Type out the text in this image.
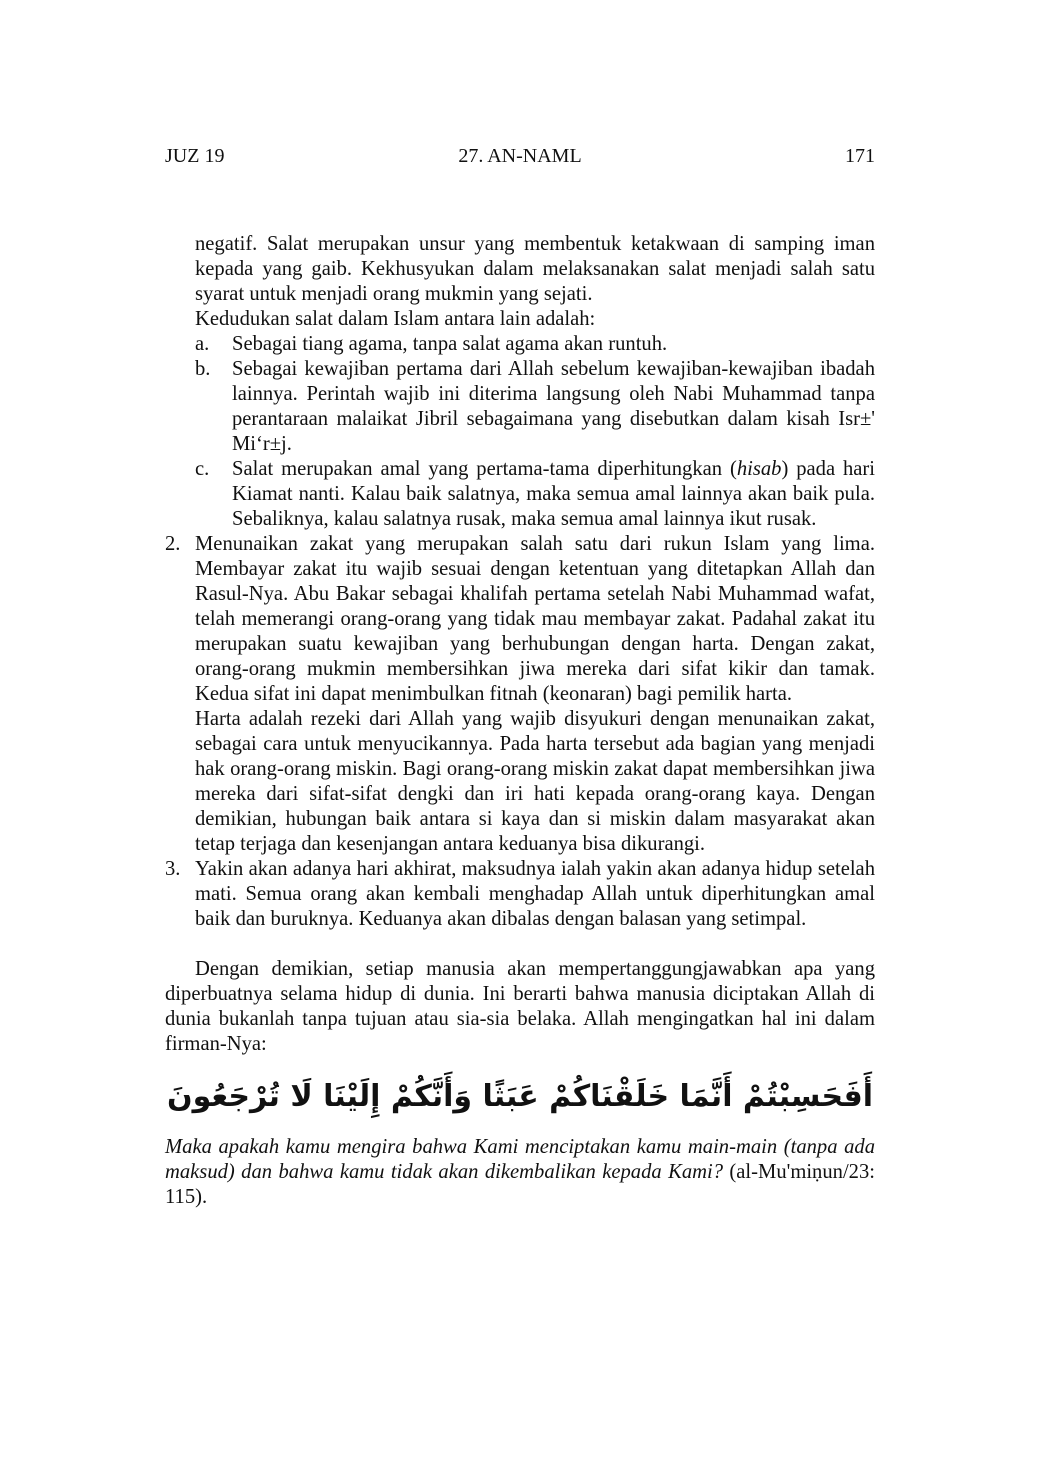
JUZ 19	27. AN-NAML	171
negatif. Salat merupakan unsur yang membentuk ketakwaan di samping iman kepada yang gaib. Kekhusyukan dalam melaksanakan salat menjadi salah satu syarat untuk menjadi orang mukmin yang sejati.
Kedudukan salat dalam Islam antara lain adalah:
a.	Sebagai tiang agama, tanpa salat agama akan runtuh.
b.	Sebagai kewajiban pertama dari Allah sebelum kewajiban-kewajiban ibadah lainnya. Perintah wajib ini diterima langsung oleh Nabi Muhammad tanpa perantaraan malaikat Jibril sebagaimana yang disebutkan dalam kisah Isr±' Mi‘r±j.
c.	Salat merupakan amal yang pertama-tama diperhitungkan (hisab) pada hari Kiamat nanti. Kalau baik salatnya, maka semua amal lainnya akan baik pula. Sebaliknya, kalau salatnya rusak, maka semua amal lainnya ikut rusak.
2. Menunaikan zakat yang merupakan salah satu dari rukun Islam yang lima. Membayar zakat itu wajib sesuai dengan ketentuan yang ditetapkan Allah dan Rasul-Nya. Abu Bakar sebagai khalifah pertama setelah Nabi Muhammad wafat, telah memerangi orang-orang yang tidak mau membayar zakat. Padahal zakat itu merupakan suatu kewajiban yang berhubungan dengan harta. Dengan zakat, orang-orang mukmin membersihkan jiwa mereka dari sifat kikir dan tamak. Kedua sifat ini dapat menimbulkan fitnah (keonaran) bagi pemilik harta.
Harta adalah rezeki dari Allah yang wajib disyukuri dengan menunaikan zakat, sebagai cara untuk menyucikannya. Pada harta tersebut ada bagian yang menjadi hak orang-orang miskin. Bagi orang-orang miskin zakat dapat membersihkan jiwa mereka dari sifat-sifat dengki dan iri hati kepada orang-orang kaya. Dengan demikian, hubungan baik antara si kaya dan si miskin dalam masyarakat akan tetap terjaga dan kesenjangan antara keduanya bisa dikurangi.
3. Yakin akan adanya hari akhirat, maksudnya ialah yakin akan adanya hidup setelah mati. Semua orang akan kembali menghadap Allah untuk diperhitungkan amal baik dan buruknya. Keduanya akan dibalas dengan balasan yang setimpal.
Dengan demikian, setiap manusia akan mempertanggungjawabkan apa yang diperbuatnya selama hidup di dunia. Ini berarti bahwa manusia diciptakan Allah di dunia bukanlah tanpa tujuan atau sia-sia belaka. Allah mengingatkan hal ini dalam firman-Nya:
أَفَحَسِبْتُمْ أَنَّمَا خَلَقْنَاكُمْ عَبَثًا وَأَنَّكُمْ إِلَيْنَا لَا تُرْجَعُونَ
Maka apakah kamu mengira bahwa Kami menciptakan kamu main-main (tanpa ada maksud) dan bahwa kamu tidak akan dikembalikan kepada Kami? (al-Mu'miṇun/23: 115).
